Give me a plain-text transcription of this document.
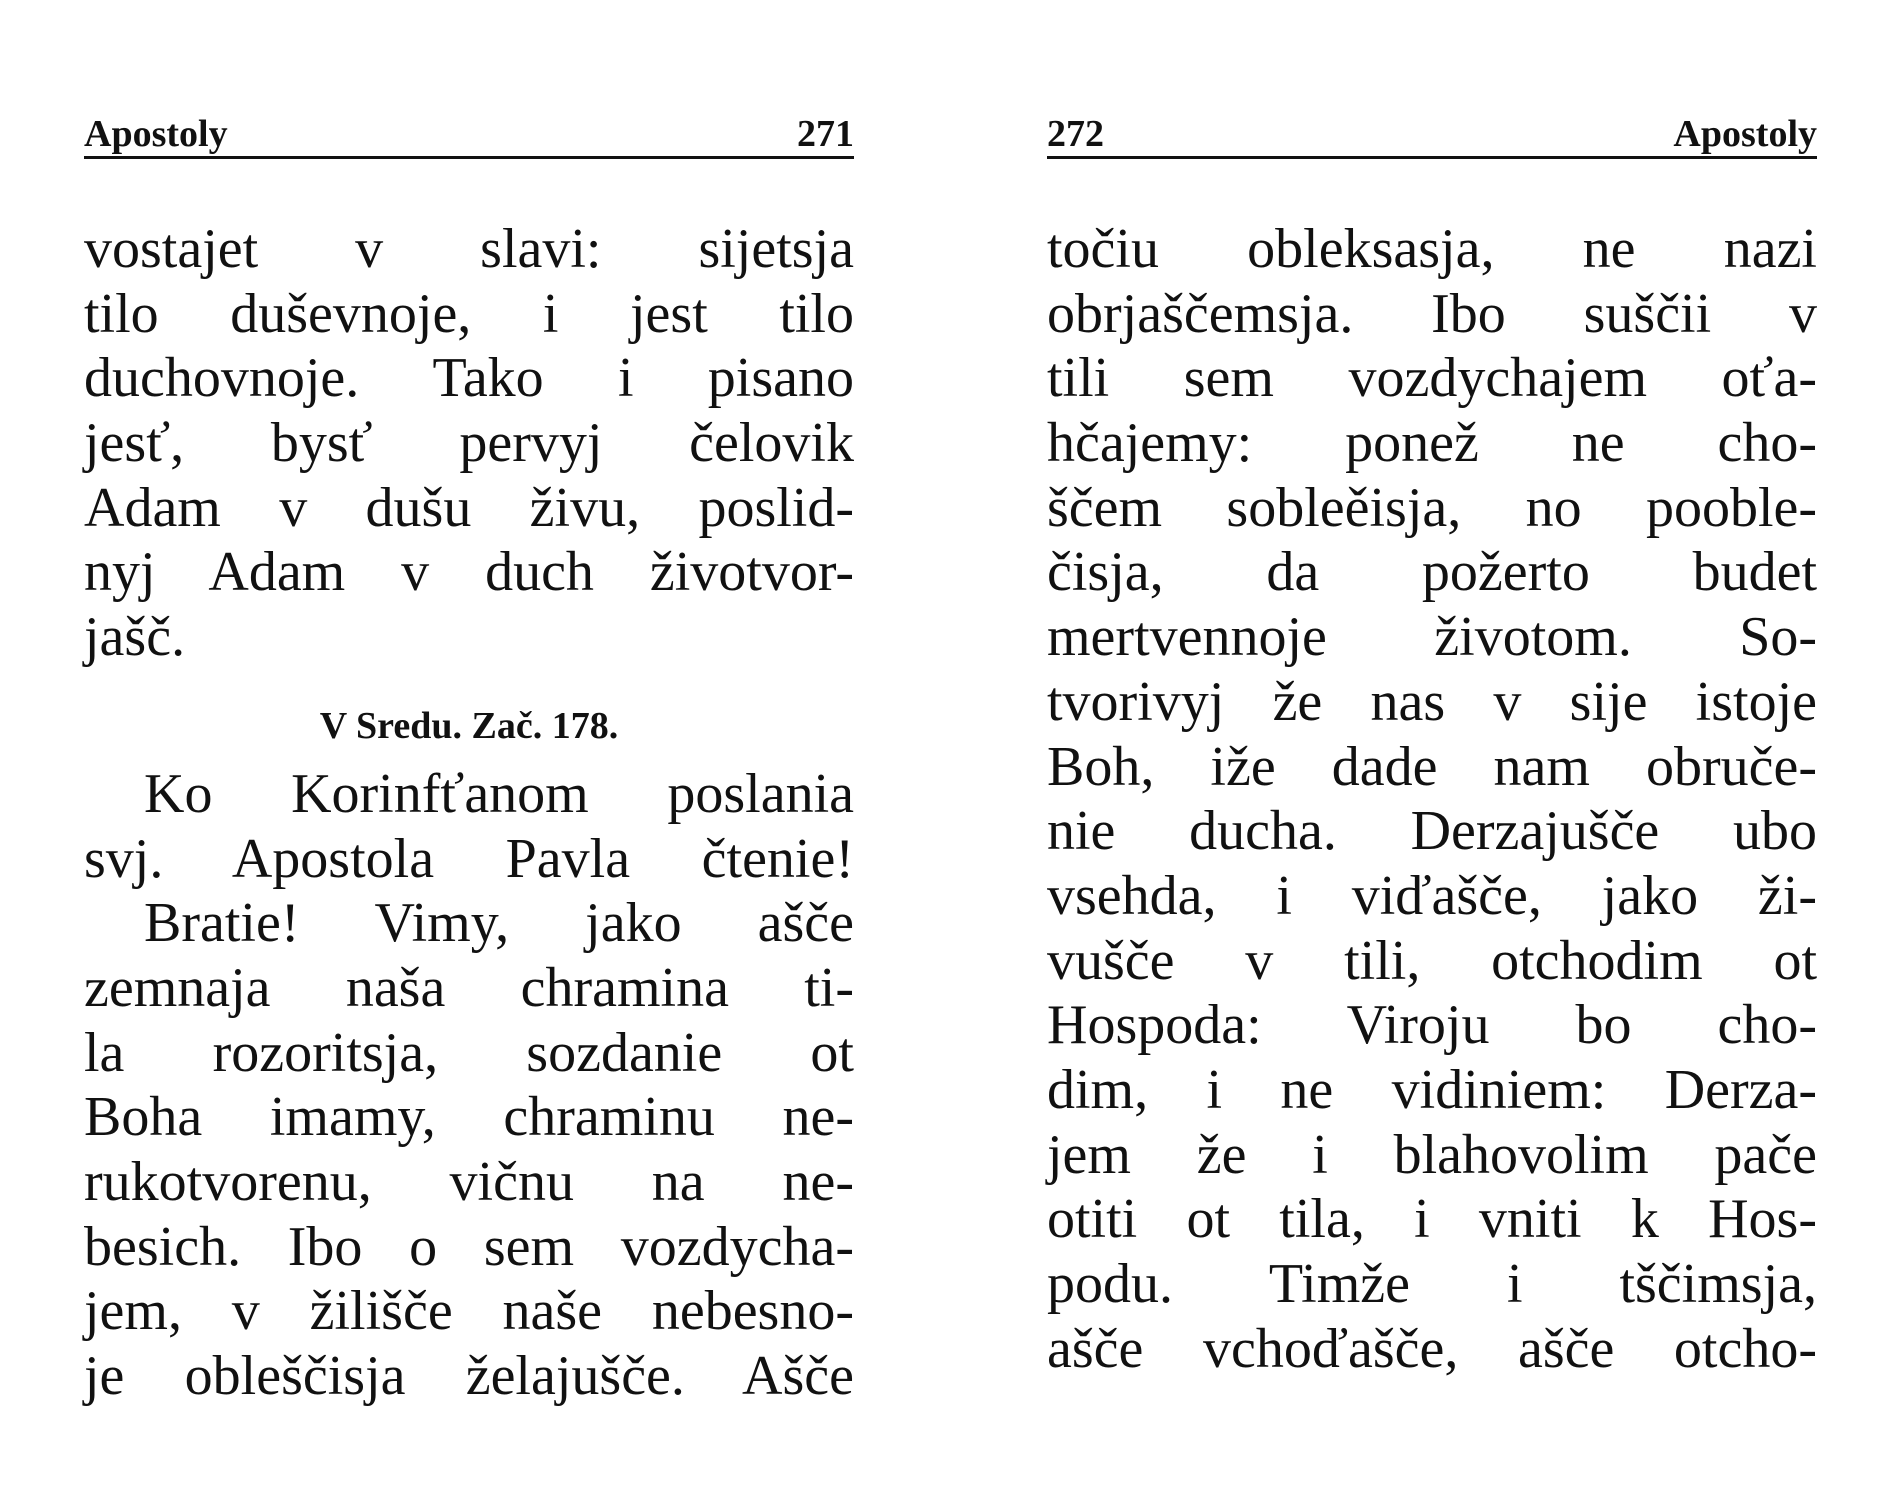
Apostoly	271
vostajet v slavi: sijetsja
tilo duševnoje, i jest tilo
duchovnoje. Tako i pisano
jesť, bysť pervyj čelovik
Adam v dušu živu, poslid-
nyj Adam v duch životvor-
jašč.
V Sredu. Zač. 178.
Ko Korinfťanom poslania
svj. Apostola Pavla čtenie!
Bratie! Vimy, jako ašče
zemnaja naša chramina ti-
la rozoritsja, sozdanie ot
Boha imamy, chraminu ne-
rukotvorenu, vičnu na ne-
besich. Ibo o sem vozdycha-
jem, v žilišče naše nebesno-
je obleščisja želajušče. Ašče
272	Apostoly
točiu obleksasja, ne nazi
obrjaščemsja. Ibo suščii v
tili sem vozdychajem oťa-
hčajemy: ponež ne cho-
ščem sobleěisja, no pooble-
čisja, da požerto budet
mertvennoje životom. So-
tvorivyj že nas v sije istoje
Boh, iže dade nam obruče-
nie ducha. Derzajušče ubo
vsehda, i viďašče, jako ži-
vušče v tili, otchodim ot
Hospoda: Viroju bo cho-
dim, i ne vidiniem: Derza-
jem že i blahovolim pače
otiti ot tila, i vniti k Hos-
podu. Timže i tščimsja,
ašče vchoďašče, ašče otcho-
